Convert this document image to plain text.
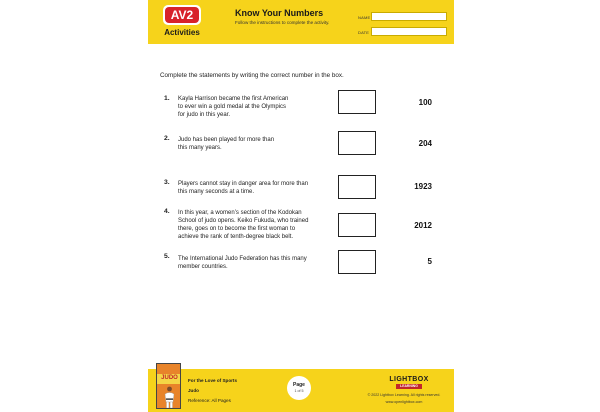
AV2
Activities
Know Your Numbers
Follow the instructions to complete the activity.
NAME
DATE
Complete the statements by writing the correct number in the box.
1. Kayla Harrison became the first American
to ever win a gold medal at the Olympics
for judo in this year.
100
2. Judo has been played for more than
this many years.	204
3. Players cannot stay in danger area for more than
this many seconds at a time.
1923
4. In this year, a women’s section of the Kodokan
School of judo opens. Keiko Fukuda, who trained
there, goes on to become the first woman to
achieve the rank of tenth-degree black belt.
2012
5. The International Judo Federation has this many
member countries.
5
JUDO	For the Love of Sports
Judo
Reference: All Pages
Page
1 of 5
LIGHTBOX
LEARNING
© 2022 Lightbox Learning. All rights reserved.
www.openlightbox.com
